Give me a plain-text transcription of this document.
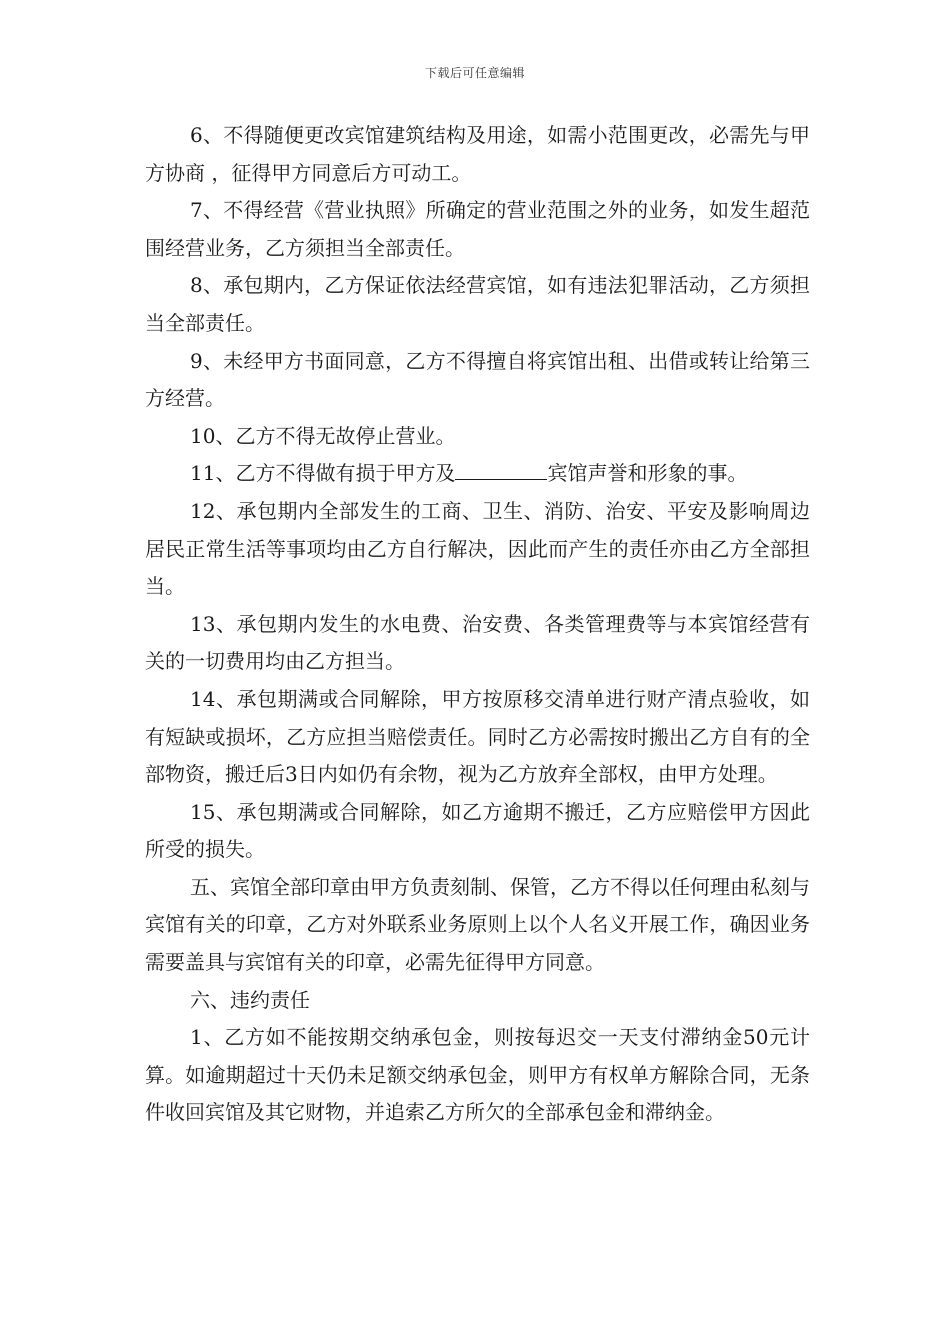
下载后可任意编辑

6、不得随便更改宾馆建筑结构及用途，如需小范围更改，必需先与甲方协商 ，征得甲方同意后方可动工。

7、不得经营《营业执照》所确定的营业范围之外的业务，如发生超范围经营业务，乙方须担当全部责任。

8、承包期内，乙方保证依法经营宾馆，如有违法犯罪活动，乙方须担当全部责任。

9、未经甲方书面同意，乙方不得擅自将宾馆出租、出借或转让给第三方经营。

10、乙方不得无故停止营业。

11、乙方不得做有损于甲方及	宾馆声誉和形象的事。

12、承包期内全部发生的工商、卫生、消防、治安、平安及影响周边居民正常生活等事项均由乙方自行解决，因此而产生的责任亦由乙方全部担当。

13、承包期内发生的水电费、治安费、各类管理费等与本宾馆经营有关的一切费用均由乙方担当。

14、承包期满或合同解除，甲方按原移交清单进行财产清点验收，如有短缺或损坏，乙方应担当赔偿责任。同时乙方必需按时搬出乙方自有的全部物资，搬迁后3日内如仍有余物，视为乙方放弃全部权，由甲方处理。

15、承包期满或合同解除，如乙方逾期不搬迁，乙方应赔偿甲方因此所受的损失。

五、宾馆全部印章由甲方负责刻制、保管，乙方不得以任何理由私刻与宾馆有关的印章，乙方对外联系业务原则上以个人名义开展工作，确因业务需要盖具与宾馆有关的印章，必需先征得甲方同意。

六、违约责任

1、乙方如不能按期交纳承包金，则按每迟交一天支付滞纳金50元计算。如逾期超过十天仍未足额交纳承包金，则甲方有权单方解除合同，无条件收回宾馆及其它财物，并追索乙方所欠的全部承包金和滞纳金。
